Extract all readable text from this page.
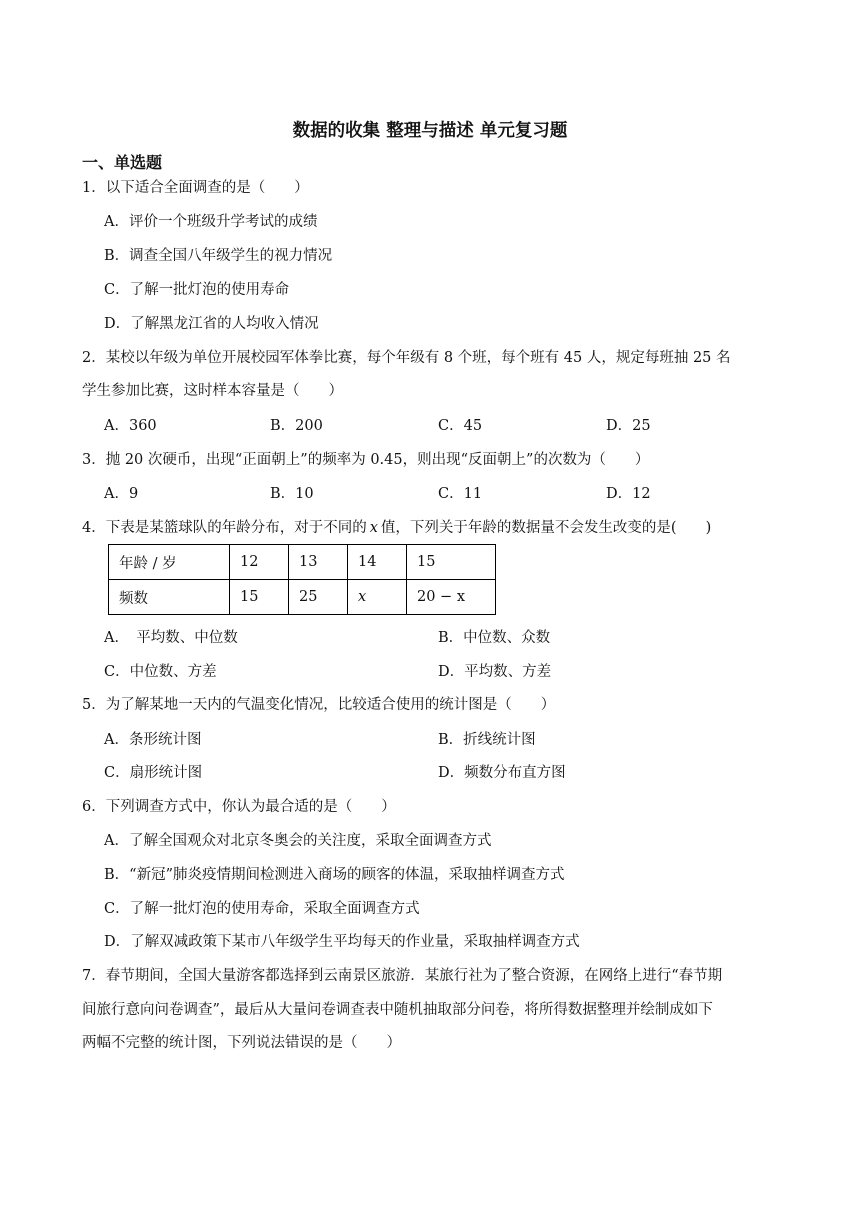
数据的收集 整理与描述 单元复习题
一、单选题
1．以下适合全面调查的是（　　）
A．评价一个班级升学考试的成绩
B．调查全国八年级学生的视力情况
C．了解一批灯泡的使用寿命
D．了解黑龙江省的人均收入情况
2．某校以年级为单位开展校园军体拳比赛，每个年级有 8 个班，每个班有 45 人，规定每班抽 25 名
学生参加比赛，这时样本容量是（　　）
A．360	B．200	C．45	D．25
3．抛 20 次硬币，出现“正面朝上”的频率为 0.45，则出现“反面朝上”的次数为（　　）
A．9	B．10	C．11	D．12
4．下表是某篮球队的年龄分布，对于不同的 x 值，下列关于年龄的数据量不会发生改变的是(　　)
年龄 / 岁	12	13	14	15
频数	15	25	x	20 − x
A．　平均数、中位数	B．中位数、众数
C．中位数、方差	D．平均数、方差
5．为了解某地一天内的气温变化情况，比较适合使用的统计图是（　　）
A．条形统计图	B．折线统计图
C．扇形统计图	D．频数分布直方图
6．下列调查方式中，你认为最合适的是（　　）
A．了解全国观众对北京冬奥会的关注度，采取全面调查方式
B．“新冠”肺炎疫情期间检测进入商场的顾客的体温，采取抽样调查方式
C．了解一批灯泡的使用寿命，采取全面调查方式
D．了解双减政策下某市八年级学生平均每天的作业量，采取抽样调查方式
7．春节期间，全国大量游客都选择到云南景区旅游．某旅行社为了整合资源，在网络上进行“春节期
间旅行意向问卷调查”，最后从大量问卷调查表中随机抽取部分问卷，将所得数据整理并绘制成如下
两幅不完整的统计图，下列说法错误的是（　　）
